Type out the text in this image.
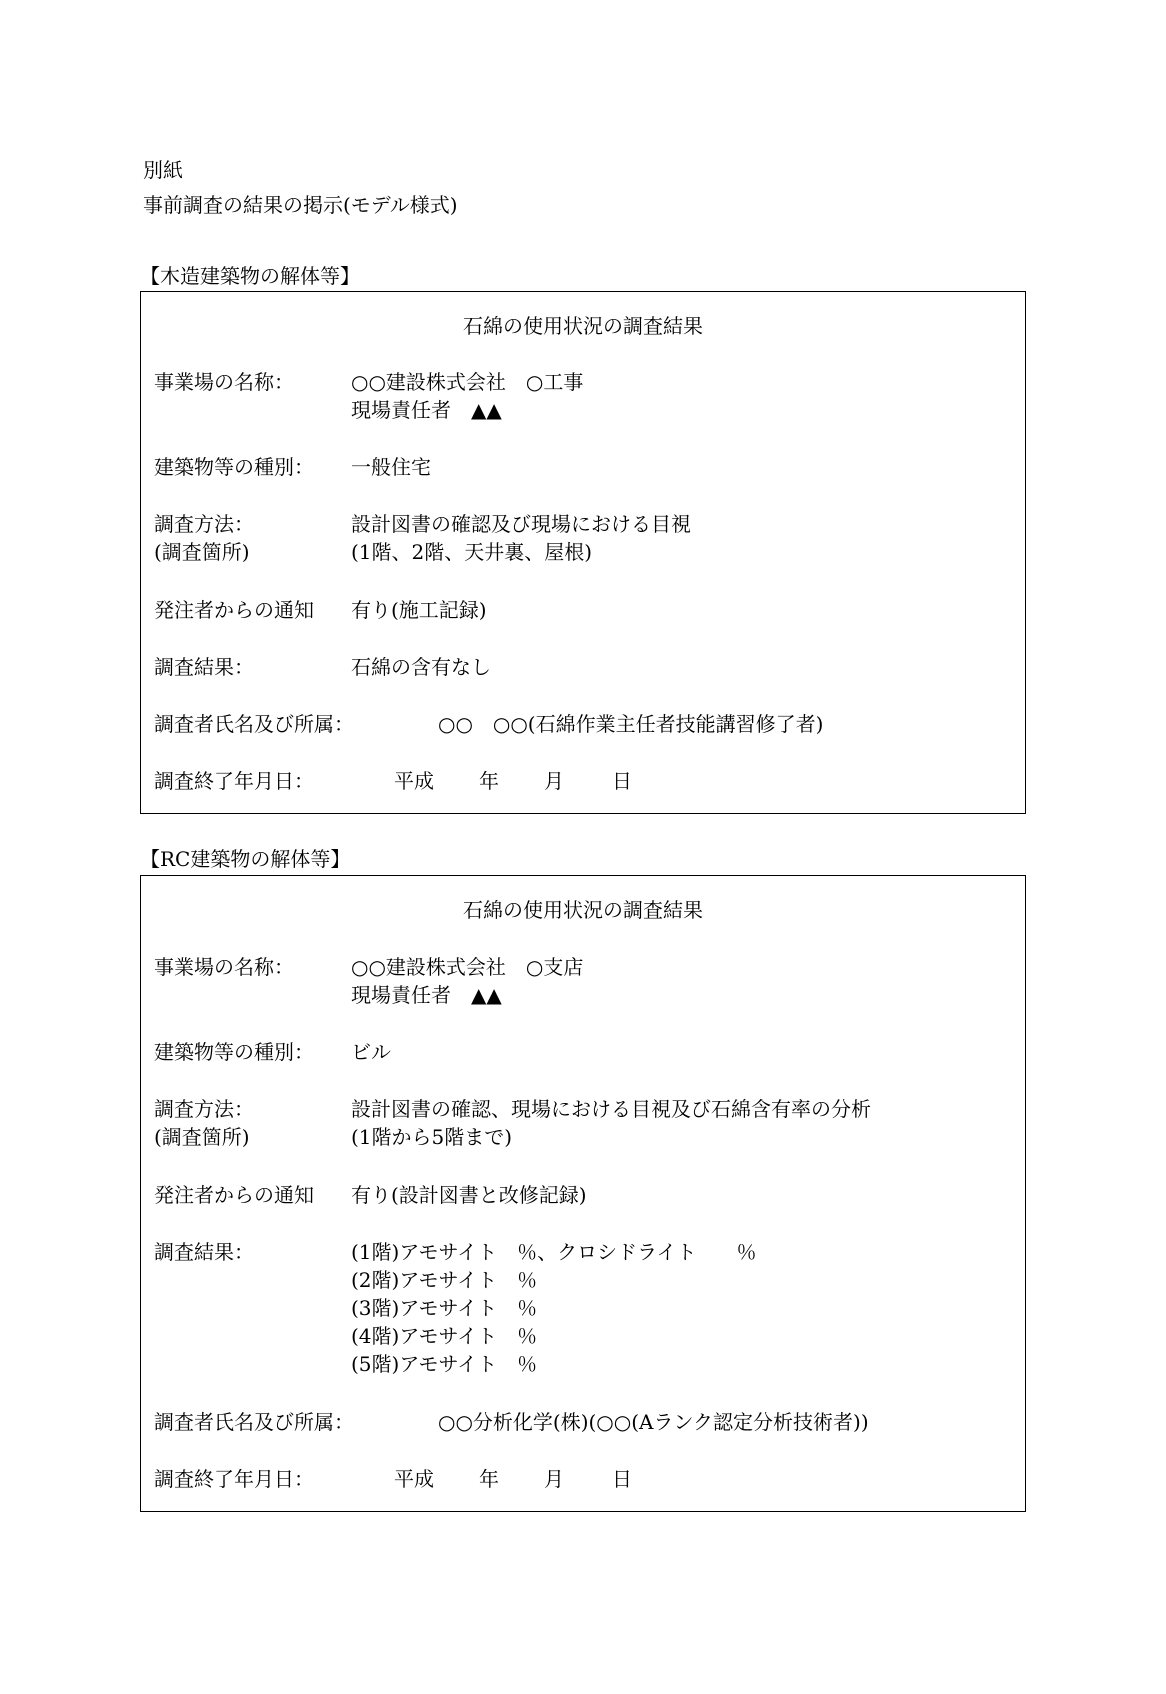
別紙
事前調査の結果の掲示(モデル様式)
【木造建築物の解体等】
石綿の使用状況の調査結果
事業場の名称：	○○建設株式会社　○工事
現場責任者　▲▲
建築物等の種別： 一般住宅
調査方法：	設計図書の確認及び現場における目視
(調査箇所)	(1階、2階、天井裏、屋根)
発注者からの通知 有り(施工記録)
調査結果：	石綿の含有なし
調査者氏名及び所属：	○○　○○(石綿作業主任者技能講習修了者)
調査終了年月日：	平成 年 月 日
【RC建築物の解体等】
石綿の使用状況の調査結果
事業場の名称：	○○建設株式会社　○支店
現場責任者　▲▲
建築物等の種別： ビル
調査方法：	設計図書の確認、現場における目視及び石綿含有率の分析
(調査箇所)	(1階から5階まで)
発注者からの通知 有り(設計図書と改修記録)
調査結果：	(1階)アモサイト　％、クロシドライト　　％
(2階)アモサイト　％
(3階)アモサイト　％
(4階)アモサイト　％
(5階)アモサイト　％
調査者氏名及び所属：	○○分析化学(株)(○○(Aランク認定分析技術者))
調査終了年月日：	平成 年 月 日
